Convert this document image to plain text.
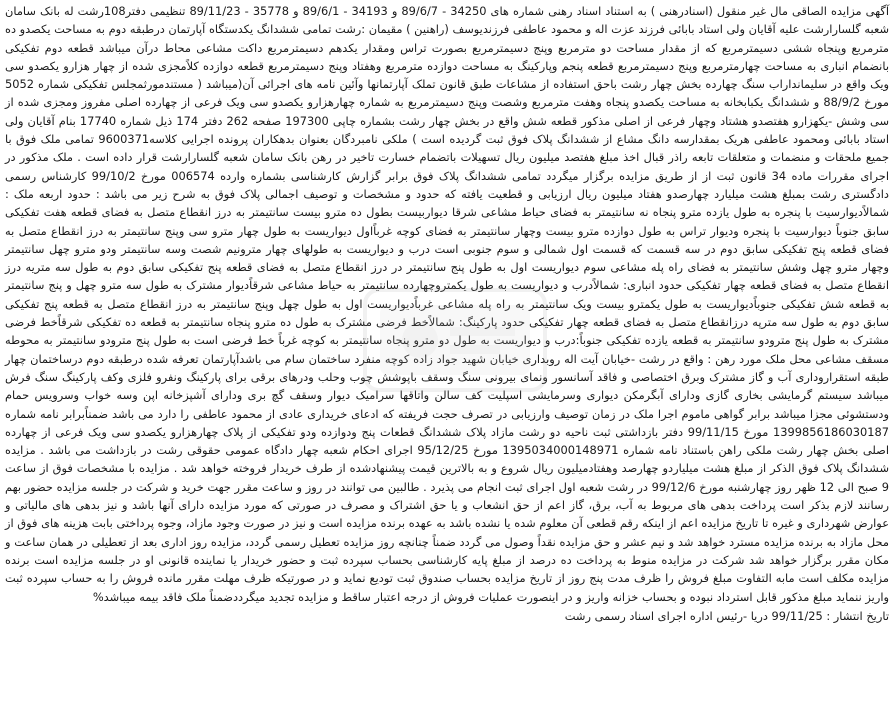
آگهی مزایده الصاقی مال غیر منقول (اسنادرهنی ) به استناد اسناد رهنی شماره های 34250 - 89/6/7 و 34193 - 89/6/1 و 35778 - 89/11/23 تنظیمی دفتر108رشت له بانک سامان شعبه گلسارارشت علیه آقایان ولی استاد بابائی فرزند عزت اله و محمود عاطفی فرزندیوسف (راهنین ) مقیمان :رشت تمامی ششدانگ یکدستگاه آپارتمان درطبقه دوم به مساحت یکصدو ده مترمربع وپنجاه ششی دسیمترمربع که از مقدار مساحت دو مترمربع وپنج دسیمترمربع بصورت تراس ومقدار یکدهم دسیمترمربع داکت مشاعی محاط درآن میباشد قطعه دوم تفکیکی بانضمام انباری به مساحت چهارمترمربع وپنج دسیمترمربع قطعه پنجم وپارکینگ به مساحت دوازده مترمربع وهفتاد وپنج دسیمترمربع قطعه دوازده کلاًمجزی شده از چهار هزارو یکصدو سی ویک واقع در سلیمانداراب سنگ چهارده بخش چهار رشت باحق استفاده از مشاعات طبق قانون تملک آپارتمانها وآئین نامه های اجرائی آن(میباشد ( مستندمورثمجلس تفکیکی شماره 5052 مورخ 88/9/2 و ششدانگ یکبابخانه به مساحت یکصدو پنجاه وهفت مترمربع وشصت وپنج دسیمترمربع به شماره چهارهزارو یکصدو سی ویک فرعی از چهارده اصلی مفروز ومجزی شده از سی وشش -یکهزارو هفتصدو هشتاد وچهار فرعی از اصلی مذکور قطعه شش واقع در بخش چهار رشت بشماره چاپی 197300 صفحه 262 دفتر 174 ذیل شماره 17740 بنام آقایان ولی استاد بابائی ومحمود عاطفی هریک بمقدارسه دانگ مشاع از ششدانگ پلاک فوق ثبت گردیده است ) ملکی نامبردگان بعنوان بدهکاران پرونده اجرایی کلاسه9600371 تمامی ملک فوق با جمیع ملحقات و منضمات و متعلقات تابعه راذر قبال اخذ مبلغ هفتصد میلیون ریال تسهیلات باتضمام خسارت تاخیر در رهن بانک سامان شعبه گلسارارشت قرار داده است . ملک مذکور در اجرای مقررات ماده 34 قانون ثبت از از طریق مزایده برگزار میگردد تمامی ششدانگ پلاک فوق برابر گزارش کارشناسی بشماره وارده 006574 مورخ 99/10/2 کارشناس رسمی دادگستری رشت بمبلغ هشت میلیارد چهارصدو هفتاد میلیون ریال ارزیابی و قطعیت یافته که حدود و مشخصات و توصیف اجمالی پلاک فوق به شرح زیر می باشد : حدود اربعه ملک : شمالاًدیوارسیت با پنجره به طول یازده مترو پنجاه نه سانتیمتر به فضای حیاط مشاعی شرقا دیواربیست بطول ده مترو بیست سانتیمتر به درز انقطاع متصل به فضای قطعه هفت تفکیکی سابق جنوباً دیوارسیت با پنجره ودیوار تراس به طول دوازده مترو بیست وچهار سانتیمتر به فضای کوچه غرباًاول دیواریست به طول چهار مترو سی وپنج سانتیمتر به درز انقطاع متصل به فضای قطعه پنج تفکیکی سابق دوم در سه قسمت که قسمت اول شمالی و سوم جنوبی است درب و دیواریست به طولهای چهار مترونیم شصت وسه سانتیمتر ودو مترو چهل سانتیمتر وچهار مترو چهل وشش سانتیمتر به فضای راه پله مشاعی سوم دیواریست اول به طول پنج سانتیمتر در درز انقطاع متصل به فضای قطعه پنج تفکیکی سابق دوم به طول سه متریه درز انقطاع متصل به فضای قطعه چهار تفکیکی حدود انباری: شمالاًدرب و دیواریست به طول یکمتروچهارده سانتیمتر به حیاط مشاعی شرقاًدیوار مشترک به طول سه مترو چهل و پنج سانتیمتر به قطعه شش تفکیکی جنوباًدیواریست به طول یکمترو بیست ویک سانتیمتر به راه پله مشاعی غرباًدیواریست اول به طول چهل وپنج سانتیمتر به درز انقطاع متصل به قطعه پنج تفکیکی سابق دوم به طول سه مترپه درزانقطاع متصل به فضای قطعه چهار تفکیکی حدود پارکینگ: شمالاًخط فرضی مشترک به طول ده مترو پنجاه سانتیمتر به قطعه ده تفکیکی شرقاًخط فرضی مشترک به طول پنج مترودو سانتیمتر به قطعه یازده تفکیکی جنوباً:درب و دیواریست به طول دو مترو پنجاه سانتیمتر به کوچه غرباً خط فرضی است به طول پنج مترودو سانتیمتر به محوطه مسقف مشاعی محل ملک مورد رهن : واقع در رشت -خیابان آیت اله روبداری خیابان شهید جواد زاده کوچه منفرد ساختمان سام می باشدآپارتمان تعرفه شده درطبقه دوم درساختمان چهار طبقه استقراروداری آب و گاز مشترک وبرق اختصاصی و فاقد آسانسور ونمای بیرونی سنگ وسقف باپوشش چوب وحلب ودرهای برقی برای پارکینگ ونفرو فلزی وکف پارکینگ سنگ فرش میباشد سیستم گرمایشی بخاری گازی ودارای آبگرمکن دیواری وسرمایشی اسپلیت کف سالن واتاقها سرامیک دیوار وسقف گچ بری ودارای آشپزخانه اپن وسه خواب وسرویس حمام ودستشوئی مجزا میباشد برابر گواهی ماموم اجرا ملک در زمان توصیف وارزیابی در تصرف حجت فریفته که ادعای خریداری عادی از محمود عاطفی را دارد می باشد ضمناًبرابر نامه شماره 1399856186030187 مورخ 99/11/15 دفتر بازداشتی ثبت ناحیه دو رشت مازاد پلاک ششدانگ قطعات پنج ودوازده ودو تفکیکی از پلاک چهارهزارو یکصدو سی ویک فرعی از چهارده اصلی بخش چهار رشت ملکی راهن باستناد نامه شماره 1395034000148971 مورخ 95/12/25 اجرای احکام شعبه چهار دادگاه عمومی حقوقی رشت در بازداشت می باشد . مزایده ششدانگ پلاک فوق الذکر از مبلغ هشت میلیاردو چهارصد وهفتادمیلیون ریال شروع و به بالاترین قیمت پیشنهادشده از طرف خریدار فروخته خواهد شد . مزایده با مشخصات فوق از ساعت 9 صبح الی 12 ظهر روز چهارشنبه مورخ 99/12/6 در رشت شعبه اول اجرای ثبت انجام می پذیرد . طالبین می توانند در روز و ساعت مقرر جهت خرید و شرکت در جلسه مزایده حضور بهم رسانند لازم بذکر است پرداخت بدهی های مربوط به آب، برق، گاز اعم از حق انشعاب و یا حق اشتراک و مصرف در صورتی که مورد مزایده دارای آنها باشد و نیز بدهی های مالیاتی و عوارض شهرداری و غیره تا تاریخ مزایده اعم از اینکه رقم قطعی آن معلوم شده یا نشده باشد به عهده برنده مزایده است و نیز در صورت وجود مازاد، وجوه پرداختی بابت هزینه های فوق از محل مازاد به برنده مزایده مسترد خواهد شد و نیم عشر و حق مزایده نقداً وصول می گردد ضمناً چنانچه روز مزایده تعطیل رسمی گردد، مزایده روز اداری بعد از تعطیلی در همان ساعت و مکان مقرر برگزار خواهد شد شرکت در مزایده منوط به پرداخت ده درصد از مبلغ پایه کارشناسی بحساب سپرده ثبت و حضور خریدار یا نماینده قانونی او در جلسه مزایده است برنده مزایده مکلف است مابه التفاوت مبلغ فروش را ظرف مدت پنج روز از تاریخ مزایده بحساب صندوق ثبت تودیع نماید و در صورتیکه ظرف مهلت مقرر مانده فروش را به حساب سپرده ثبت واریز ننماید مبلغ مذکور قابل استرداد نبوده و بحساب خزانه واریز و در اینصورت عملیات فروش از درجه اعتبار ساقط و مزایده تجدید میگرددضمناً ملک فاقد بیمه میباشد%

تاریخ انتشار : 99/11/25 دریا -رئیس اداره اجرای اسناد رسمی رشت
